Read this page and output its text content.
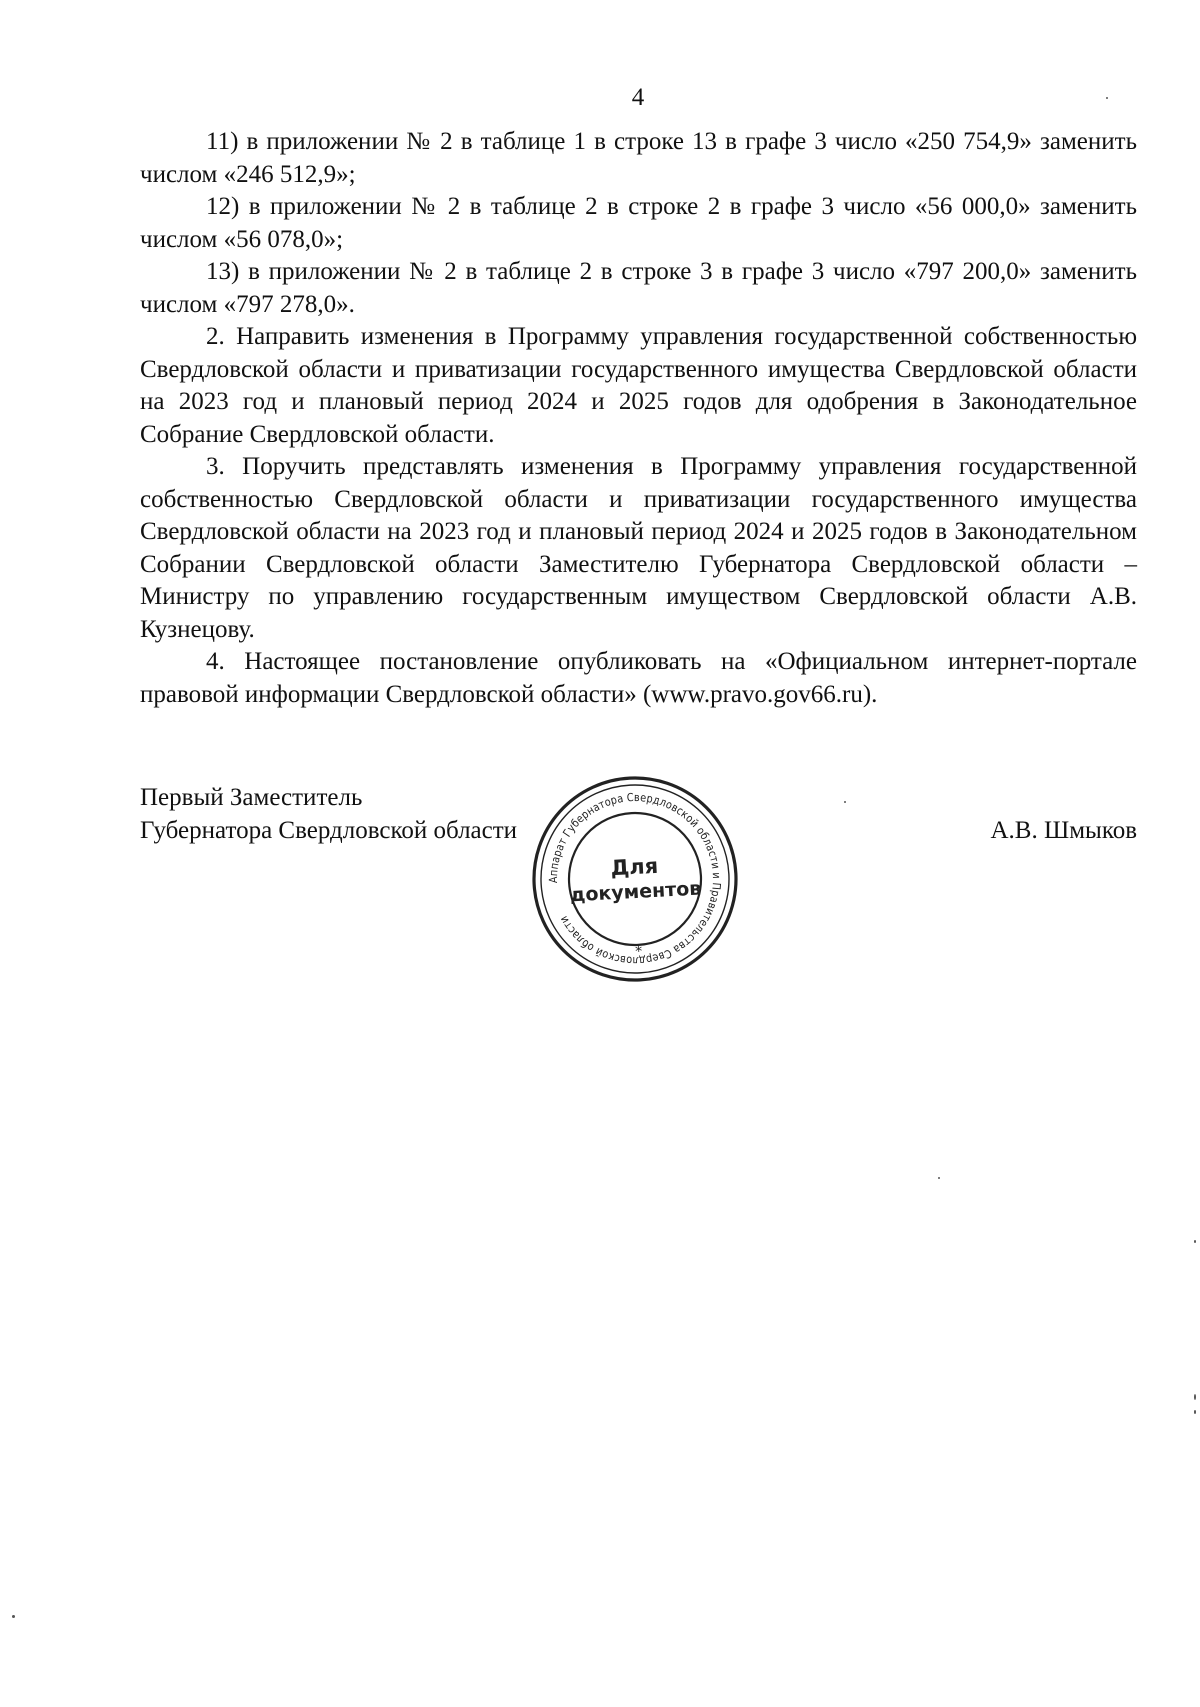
4

11) в приложении № 2 в таблице 1 в строке 13 в графе 3 число «250 754,9» заменить числом «246 512,9»;

12) в приложении № 2 в таблице 2 в строке 2 в графе 3 число «56 000,0» заменить числом «56 078,0»;

13) в приложении № 2 в таблице 2 в строке 3 в графе 3 число «797 200,0» заменить числом «797 278,0».

2. Направить изменения в Программу управления государственной собственностью Свердловской области и приватизации государственного имущества Свердловской области на 2023 год и плановый период 2024 и 2025 годов для одобрения в Законодательное Собрание Свердловской области.

3. Поручить представлять изменения в Программу управления государственной собственностью Свердловской области и приватизации государственного имущества Свердловской области на 2023 год и плановый период 2024 и 2025 годов в Законодательном Собрании Свердловской области Заместителю Губернатора Свердловской области – Министру по управлению государственным имуществом Свердловской области А.В. Кузнецову.

4. Настоящее постановление опубликовать на «Официальном интернет-портале правовой информации Свердловской области» (www.pravo.gov66.ru).

Первый Заместитель
Губернатора Свердловской области	А.В. Шмыков
Аппарат Губернатора Свердловской области и Правительства Свердловской области
Для
документов
*
